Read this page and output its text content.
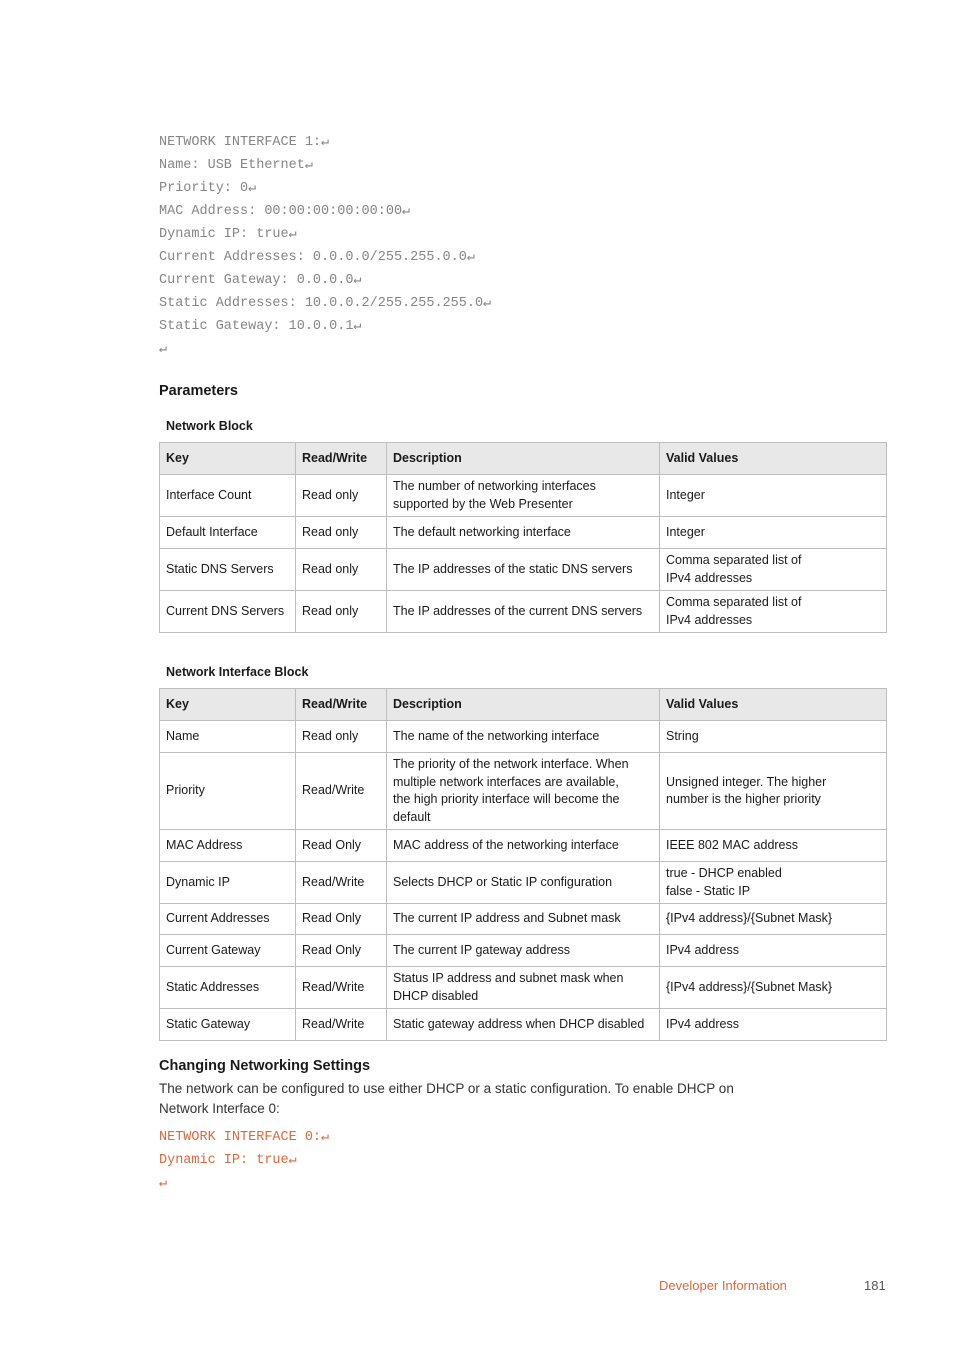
NETWORK INTERFACE 1:↵
Name: USB Ethernet↵
Priority: 0↵
MAC Address: 00:00:00:00:00:00↵
Dynamic IP: true↵
Current Addresses: 0.0.0.0/255.255.0.0↵
Current Gateway: 0.0.0.0↵
Static Addresses: 10.0.0.2/255.255.255.0↵
Static Gateway: 10.0.0.1↵
↵
Parameters
Network Block
Key	Read/Write	Description	Valid Values
Interface Count	Read only	The number of networking interfaces
supported by the Web Presenter	Integer
Default Interface	Read only	The default networking interface	Integer
Static DNS Servers	Read only	The IP addresses of the static DNS servers	Comma separated list of
IPv4 addresses
Current DNS Servers	Read only	The IP addresses of the current DNS servers	Comma separated list of
IPv4 addresses
Network Interface Block
Key	Read/Write	Description	Valid Values
Name	Read only	The name of the networking interface	String
Priority	Read/Write	The priority of the network interface. When
multiple network interfaces are available,
the high priority interface will become the
default	Unsigned integer. The higher
number is the higher priority
MAC Address	Read Only	MAC address of the networking interface	IEEE 802 MAC address
Dynamic IP	Read/Write	Selects DHCP or Static IP configuration	true - DHCP enabled
false - Static IP
Current Addresses	Read Only	The current IP address and Subnet mask	{IPv4 address}/{Subnet Mask}
Current Gateway	Read Only	The current IP gateway address	IPv4 address
Static Addresses	Read/Write	Status IP address and subnet mask when
DHCP disabled	{IPv4 address}/{Subnet Mask}
Static Gateway	Read/Write	Static gateway address when DHCP disabled	IPv4 address
Changing Networking Settings

The network can be configured to use either DHCP or a static configuration. To enable DHCP on
Network Interface 0:

NETWORK INTERFACE 0:↵
Dynamic IP: true↵
↵
Developer Information	181
